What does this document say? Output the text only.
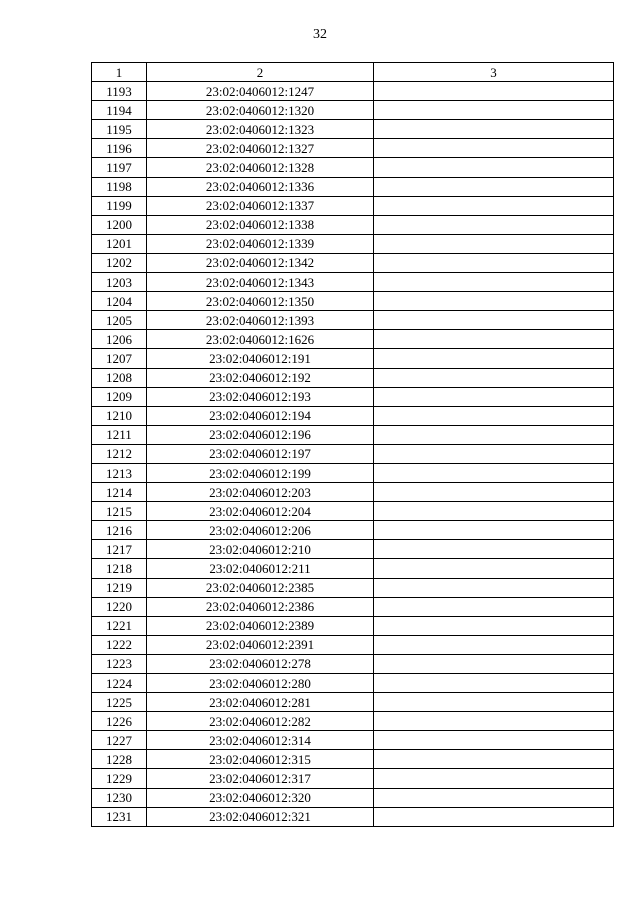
32
1	2	3
1193	23:02:0406012:1247	
1194	23:02:0406012:1320	
1195	23:02:0406012:1323	
1196	23:02:0406012:1327	
1197	23:02:0406012:1328	
1198	23:02:0406012:1336	
1199	23:02:0406012:1337	
1200	23:02:0406012:1338	
1201	23:02:0406012:1339	
1202	23:02:0406012:1342	
1203	23:02:0406012:1343	
1204	23:02:0406012:1350	
1205	23:02:0406012:1393	
1206	23:02:0406012:1626	
1207	23:02:0406012:191	
1208	23:02:0406012:192	
1209	23:02:0406012:193	
1210	23:02:0406012:194	
1211	23:02:0406012:196	
1212	23:02:0406012:197	
1213	23:02:0406012:199	
1214	23:02:0406012:203	
1215	23:02:0406012:204	
1216	23:02:0406012:206	
1217	23:02:0406012:210	
1218	23:02:0406012:211	
1219	23:02:0406012:2385	
1220	23:02:0406012:2386	
1221	23:02:0406012:2389	
1222	23:02:0406012:2391	
1223	23:02:0406012:278	
1224	23:02:0406012:280	
1225	23:02:0406012:281	
1226	23:02:0406012:282	
1227	23:02:0406012:314	
1228	23:02:0406012:315	
1229	23:02:0406012:317	
1230	23:02:0406012:320	
1231	23:02:0406012:321	
